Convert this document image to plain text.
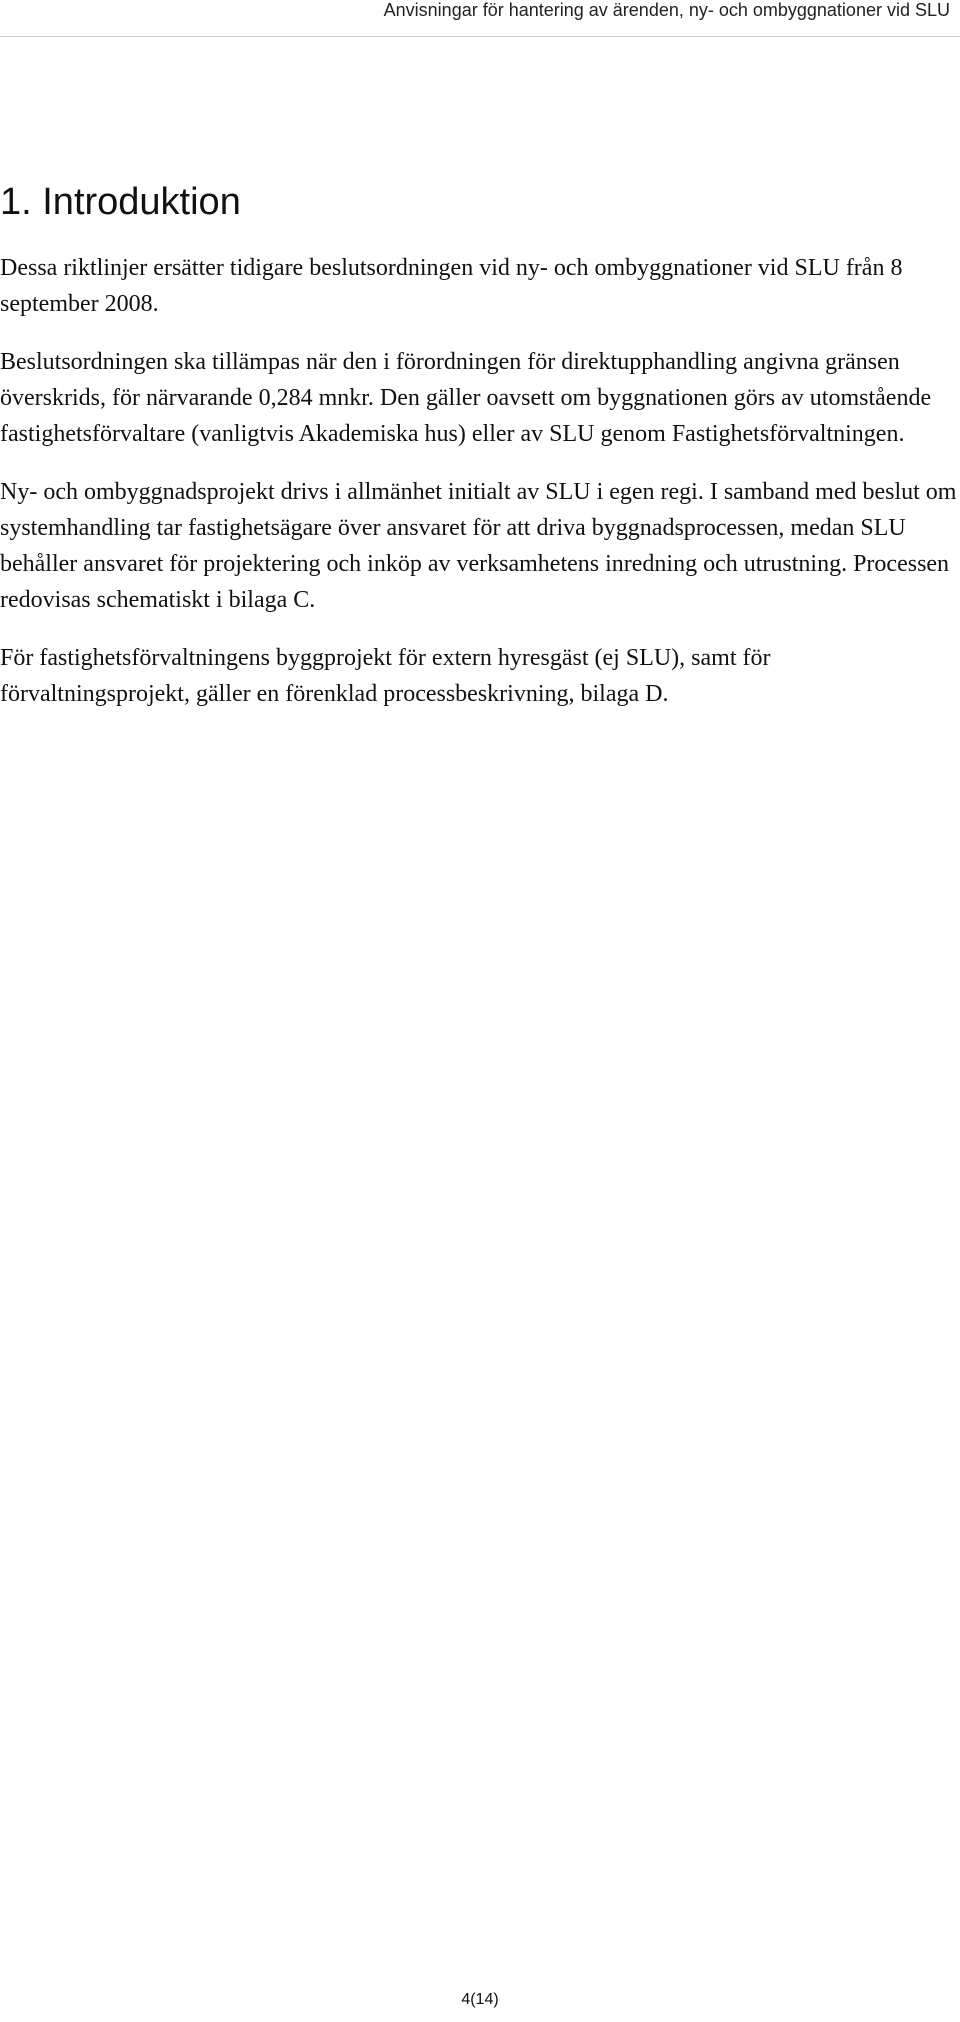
Anvisningar för hantering av ärenden, ny- och ombyggnationer vid SLU
1. Introduktion

Dessa riktlinjer ersätter tidigare beslutsordningen vid ny- och ombyggnationer vid SLU från 8 september 2008.

Beslutsordningen ska tillämpas när den i förordningen för direktupphandling angivna gränsen överskrids, för närvarande 0,284 mnkr. Den gäller oavsett om byggnationen görs av utomstående fastighetsförvaltare (vanligtvis Akademiska hus) eller av SLU genom Fastighetsförvaltningen.

Ny- och ombyggnadsprojekt drivs i allmänhet initialt av SLU i egen regi. I samband med beslut om systemhandling tar fastighetsägare över ansvaret för att driva byggnadsprocessen, medan SLU behåller ansvaret för projektering och inköp av verksamhetens inredning och utrustning. Processen redovisas schematiskt i bilaga C.

För fastighetsförvaltningens byggprojekt för extern hyresgäst (ej SLU), samt för förvaltningsprojekt, gäller en förenklad processbeskrivning, bilaga D.

4(14)
